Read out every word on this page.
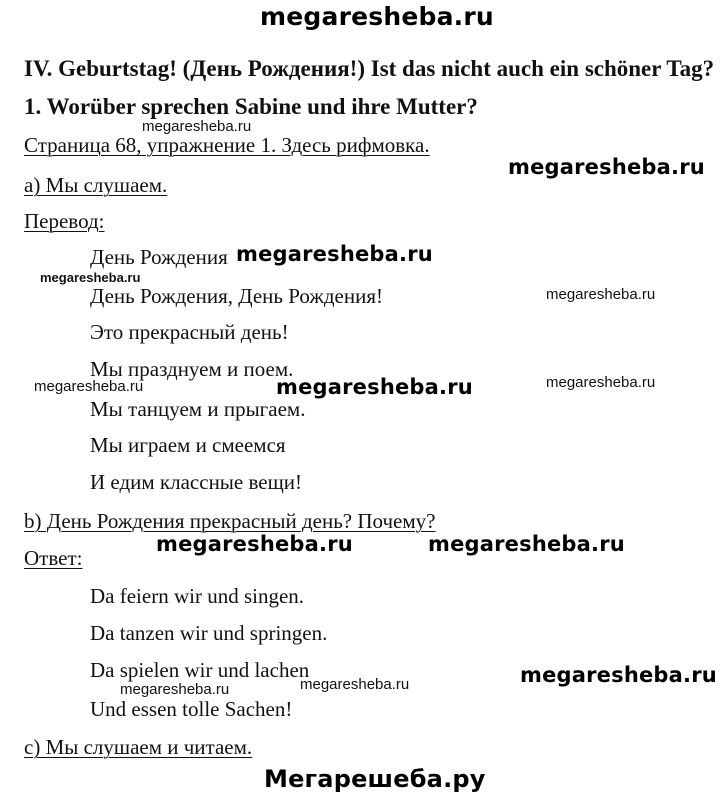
megaresheba.ru
IV. Geburtstag! (День Рождения!) Ist das nicht auch ein schöner Tag?
1. Worüber sprechen Sabine und ihre Mutter?
megaresheba.ru
Страница 68, упражнение 1. Здесь рифмовка.
megaresheba.ru
a) Мы слушаем.
Перевод:
День Рождения megaresheba.ru
megaresheba.ru
День Рождения, День Рождения!	megaresheba.ru
Это прекрасный день!
Мы празднуем и поем.
megaresheba.ru	megaresheba.ru	megaresheba.ru
Мы танцуем и прыгаем.
Мы играем и смеемся
И едим классные вещи!
b) День Рождения прекрасный день? Почему?
megaresheba.ru	megaresheba.ru
Ответ:
Da feiern wir und singen.
Da tanzen wir und springen.
Da spielen wir und lachen	megaresheba.ru
megaresheba.ru	megaresheba.ru
Und essen tolle Sachen!
c) Мы слушаем и читаем.
Мегарешеба.ру
